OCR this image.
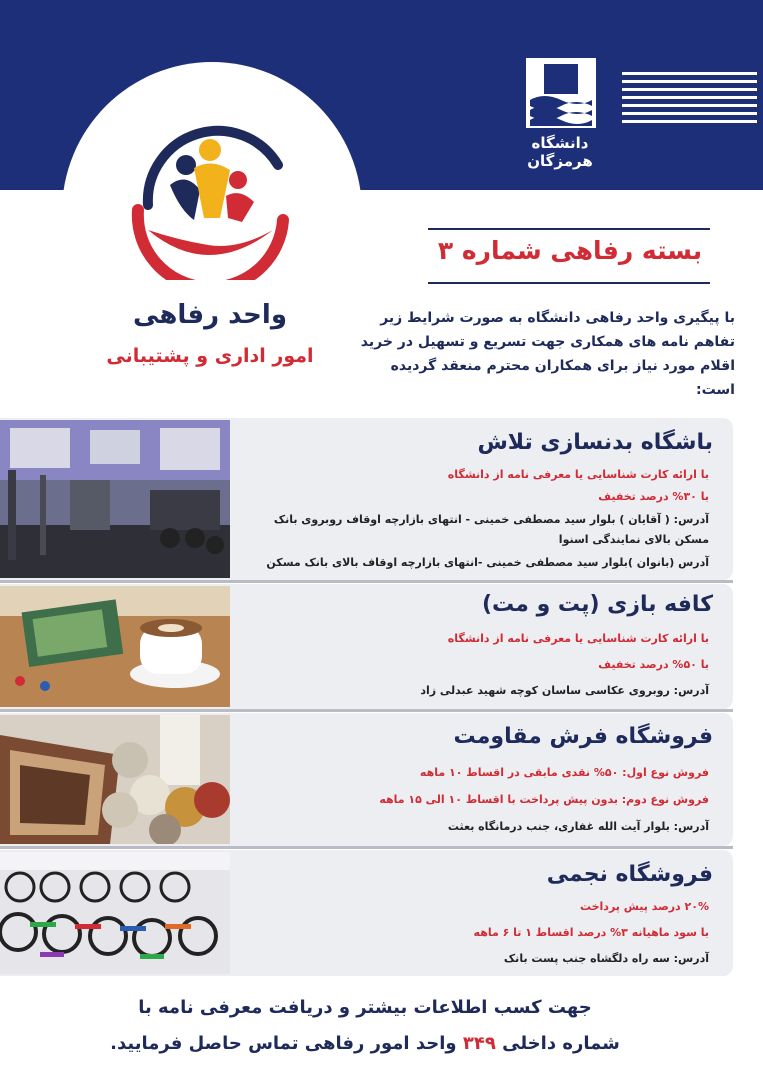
دانشگاه هرمزگان
واحد رفاهی
امور اداری و پشتیبانی
بسته رفاهی شماره ۳
با پیگیری واحد رفاهی دانشگاه به صورت شرایط زیر تفاهم نامه های همکاری جهت تسریع و تسهیل در خرید اقلام مورد نیاز برای همکاران محترم منعقد گردیده است:
باشگاه بدنسازی تلاش
با ارائه کارت شناسایی یا معرفی نامه از دانشگاه
با ۳۰% درصد تخفیف
آدرس: ( آقایان ) بلوار سید مصطفی خمینی - انتهای بازارچه اوقاف روبروی بانک
مسکن بالای نمایندگی اسنوا
آدرس (بانوان )بلوار سید مصطفی خمینی -انتهای بازارچه اوقاف بالای بانک مسکن
کافه بازی (پت و مت)
با ارائه کارت شناسایی یا معرفی نامه از دانشگاه
با ۵۰% درصد تخفیف
آدرس: روبروی عکاسی ساسان کوچه شهید عبدلی زاد
فروشگاه فرش مقاومت
فروش نوع اول: ۵۰% نقدی مابقی در اقساط ۱۰ ماهه
فروش نوع دوم: بدون پیش پرداخت با اقساط ۱۰ الی ۱۵ ماهه
آدرس: بلوار آیت الله غفاری، جنب درمانگاه بعثت
فروشگاه نجمی
۲۰% درصد پیش پرداخت
با سود ماهیانه ۳% درصد اقساط ۱ تا ۶ ماهه
آدرس: سه راه دلگشاه جنب پست بانک
جهت کسب اطلاعات بیشتر و دریافت معرفی نامه با
شماره داخلی ۳۴۹ واحد امور رفاهی تماس حاصل فرمایید.
